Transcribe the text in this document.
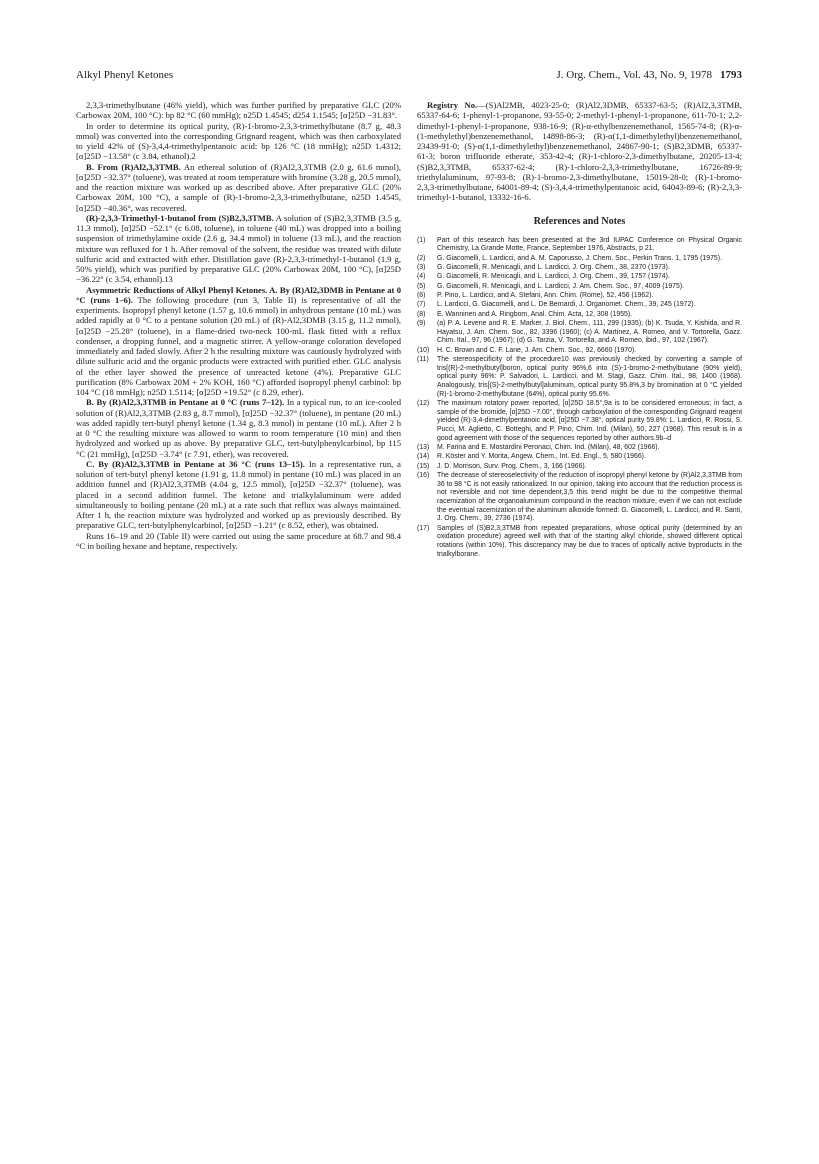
Alkyl Phenyl Ketones	J. Org. Chem., Vol. 43, No. 9, 1978 1793

2,3,3-trimethylbutane (46% yield), which was further purified by preparative GLC (20% Carbowax 20M, 100 °C): bp 82 °C (60 mmHg); n25D 1.4545; d254 1.1545; [α]25D −31.83°.

In order to determine its optical purity, (R)-1-bromo-2,3,3-trimethylbutane (8.7 g, 48.3 mmol) was converted into the corresponding Grignard reagent, which was then carboxylated to yield 42% of (S)-3,4,4-trimethylpentanoic acid: bp 126 °C (18 mmHg); n25D 1.4312; [α]25D −13.58° (c 3.84, ethanol).2

B. From (R)Al2,3,3TMB. An ethereal solution of (R)Al2,3,3TMB (2.0 g, 61.6 mmol), [α]25D −32.37° (toluene), was treated at room temperature with bromine (3.28 g, 20.5 mmol), and the reaction mixture was worked up as described above. After preparative GLC (20% Carbowax 20M, 100 °C), a sample of (R)-1-bromo-2,3,3-trimethylbutane, n25D 1.4545, [α]25D −40.36°, was recovered.

(R)-2,3,3-Trimethyl-1-butanol from (S)B2,3,3TMB. A solution of (S)B2,3,3TMB (3.5 g, 11.3 mmol), [α]25D −52.1° (c 6.08, toluene), in toluene (40 mL) was dropped into a boiling suspension of trimethylamine oxide (2.6 g, 34.4 mmol) in toluene (13 mL), and the reaction mixture was refluxed for 1 h. After removal of the solvent, the residue was treated with dilute sulfuric acid and extracted with ether. Distillation gave (R)-2,3,3-trimethyl-1-butanol (1.9 g, 50% yield), which was purified by preparative GLC (20% Carbowax 20M, 100 °C), [α]25D −36.22° (c 3.54, ethanol).13

Asymmetric Reductions of Alkyl Phenyl Ketones. A. By (R)Al2,3DMB in Pentane at 0 °C (runs 1–6). The following procedure (run 3, Table II) is representative of all the experiments. Isopropyl phenyl ketone (1.57 g, 10.6 mmol) in anhydrous pentane (10 mL) was added rapidly at 0 °C to a pentane solution (20 mL) of (R)-Al2,3DMB (3.15 g, 11.2 mmol), [α]25D −25.28° (toluene), in a flame-dried two-neck 100-mL flask fitted with a reflux condenser, a dropping funnel, and a magnetic stirrer. A yellow-orange coloration developed immediately and faded slowly. After 2 h the resulting mixture was cautiously hydrolyzed with dilute sulfuric acid and the organic products were extracted with purified ether. GLC analysis of the ether layer showed the presence of unreacted ketone (4%). Preparative GLC purification (8% Carbowax 20M + 2% KOH, 160 °C) afforded isopropyl phenyl carbinol: bp 104 °C (18 mmHg); n25D 1.5114; [α]25D +19.52° (c 8.29, ether).

B. By (R)Al2,3,3TMB in Pentane at 0 °C (runs 7–12). In a typical run, to an ice-cooled solution of (R)Al2,3,3TMB (2.83 g, 8.7 mmol), [α]25D −32.37° (toluene), in pentane (20 mL) was added rapidly tert-butyl phenyl ketone (1.34 g, 8.3 mmol) in pentane (10 mL). After 2 h at 0 °C the resulting mixture was allowed to warm to room temperature (10 min) and then hydrolyzed and worked up as above. By preparative GLC, tert-butylphenylcarbinol, bp 115 °C (21 mmHg), [α]25D −3.74° (c 7.91, ether), was recovered.

C. By (R)Al2,3,3TMB in Pentane at 36 °C (runs 13–15). In a representative run, a solution of tert-butyl phenyl ketone (1.91 g, 11.8 mmol) in pentane (10 mL) was placed in an addition funnel and (R)Al2,3,3TMB (4.04 g, 12.5 mmol), [α]25D −32.37° (toluene), was placed in a second addition funnel. The ketone and trialkylaluminum were added simultaneously to boiling pentane (20 mL) at a rate such that reflux was always maintained. After 1 h, the reaction mixture was hydrolyzed and worked up as previously described. By preparative GLC, tert-butylphenylcarbinol, [α]25D −1.21° (c 8.52, ether), was obtained.

Runs 16–19 and 20 (Table II) were carried out using the same procedure at 68.7 and 98.4 °C in boiling hexane and heptane, respectively.

Registry No.—(S)Al2MB, 4023-25-0; (R)Al2,3DMB, 65337-63-5; (R)Al2,3,3TMB, 65337-64-6; 1-phenyl-1-propanone, 93-55-0; 2-methyl-1-phenyl-1-propanone, 611-70-1; 2,2-dimethyl-1-phenyl-1-propanone, 938-16-9; (R)-α-ethylbenzenemethanol, 1565-74-8; (R)-α-(1-methylethyl)benzenemethanol, 14898-86-3; (R)-α(1,1-dimethylethyl)benzenemethanol, 23439-91-0; (S)-α(1,1-dimethylethyl)benzenemethanol, 24867-90-1; (S)B2,3DMB, 65337-61-3; boron trifluoride etherate, 353-42-4; (R)-1-chloro-2,3-dimethylbutane, 20205-13-4; (S)B2,3,3TMB, 65337-62-4; (R)-1-chloro-2,3,3-trimethylbutane, 16726-89-9; triethylaluminum, 97-93-8; (R)-1-bromo-2,3-dimethylbutane, 15019-28-0; (R)-1-bromo-2,3,3-trimethylbutane, 64001-89-4; (S)-3,4,4-trimethylpentanoic acid, 64043-89-6; (R)-2,3,3-trimethyl-1-butanol, 13332-16-6.

References and Notes
(1)	Part of this research has been presented at the 3rd IUPAC Conference on Physical Organic Chemistry, La Grande Motte, France, September 1976, Abstracts, p 21.
(2)	G. Giacomelli, L. Lardicci, and A. M. Caporusso, J. Chem. Soc., Perkin Trans. 1, 1795 (1975).
(3)	G. Giacomelli, R. Menicagli, and L. Lardicci, J. Org. Chem., 38, 2370 (1973).
(4)	G. Giacomelli, R. Menicagli, and L. Lardicci, J. Org. Chem., 39, 1757 (1974).
(5)	G. Giacomelli, R. Menicagli, and L. Lardicci, J. Am. Chem. Soc., 97, 4009 (1975).
(6)	P. Pino, L. Lardicci, and A. Stefani, Ann. Chim. (Rome), 52, 456 (1962).
(7)	L. Lardicci, G. Giacomelli, and L. De Bernardi, J. Organomet. Chem., 39, 245 (1972).
(8)	E. Wanninen and A. Ringbom, Anal. Chim. Acta, 12, 308 (1955).
(9)	(a) P. A. Levene and R. E. Marker, J. Biol. Chem., 111, 299 (1935); (b) K. Tsuda, Y. Kishida, and R. Hayatsu, J. Am. Chem. Soc., 82, 3396 (1960); (c) A. Martinez, A. Romeo, and V. Tortorella, Gazz. Chim. Ital., 97, 96 (1967); (d) G. Tarzia, V. Tortorella, and A. Romeo, ibid., 97, 102 (1967).
(10)	H. C. Brown and C. F. Lane, J. Am. Chem. Soc., 92, 6660 (1970).
(11)	The stereospecificity of the procedure10 was previously checked by converting a sample of tris[(R)-2-methylbutyl]boron, optical purity 96%,6 into (S)-1-bromo-2-methylbutane (90% yield), optical purity 96%: P. Salvadori, L. Lardicci, and M. Stagi, Gazz. Chim. Ital., 98, 1400 (1968). Analogously, tris[(S)-2-methylbutyl]aluminum, optical purity 95.8%,3 by bromination at 0 °C yielded (R)-1-bromo-2-methylbutane (64%), optical purity 95.6%.
(12)	The maximum rotatory power reported, [α]25D 18.5°,9a is to be considered erroneous; in fact, a sample of the bromide, [α]25D −7.00°, through carboxylation of the corresponding Grignard reagent yielded (R)-3,4-dimethylpentanoic acid, [α]25D −7.38°, optical purity 59.8%: L. Lardicci, R. Rossi, S. Pucci, M. Aglietto, C. Botteghi, and P. Pino, Chim. Ind. (Milan), 50, 227 (1968). This result is in a good agreement with those of the sequences reported by other authors.9b–d
(13)	M. Farina and E. Mostardini Peronaci, Chim. Ind. (Milan), 48, 602 (1966).
(14)	R. Köster and Y. Morita, Angew. Chem., Int. Ed. Engl., 5, 580 (1966).
(15)	J. D. Morrison, Surv. Prog. Chem., 3, 166 (1966).
(16)	The decrease of stereoselectivity of the reduction of isopropyl phenyl ketone by (R)Al2,3,3TMB from 36 to 98 °C is not easily rationalized. In our opinion, taking into account that the reduction process is not reversible and not time dependent,3,5 this trend might be due to the competitive thermal racemization of the organoaluminum compound in the reaction mixture, even if we can not exclude the eventual racemization of the aluminum alkoxide formed: G. Giacomelli, L. Lardicci, and R. Santi, J. Org. Chem., 39, 2736 (1974).
(17)	Samples of (S)B2,3,3TMB from repeated preparations, whose optical purity (determined by an oxidation procedure) agreed well with that of the starting alkyl chloride, showed different optical rotations (within 10%). This discrepancy may be due to traces of optically active byproducts in the trialkylborane.
